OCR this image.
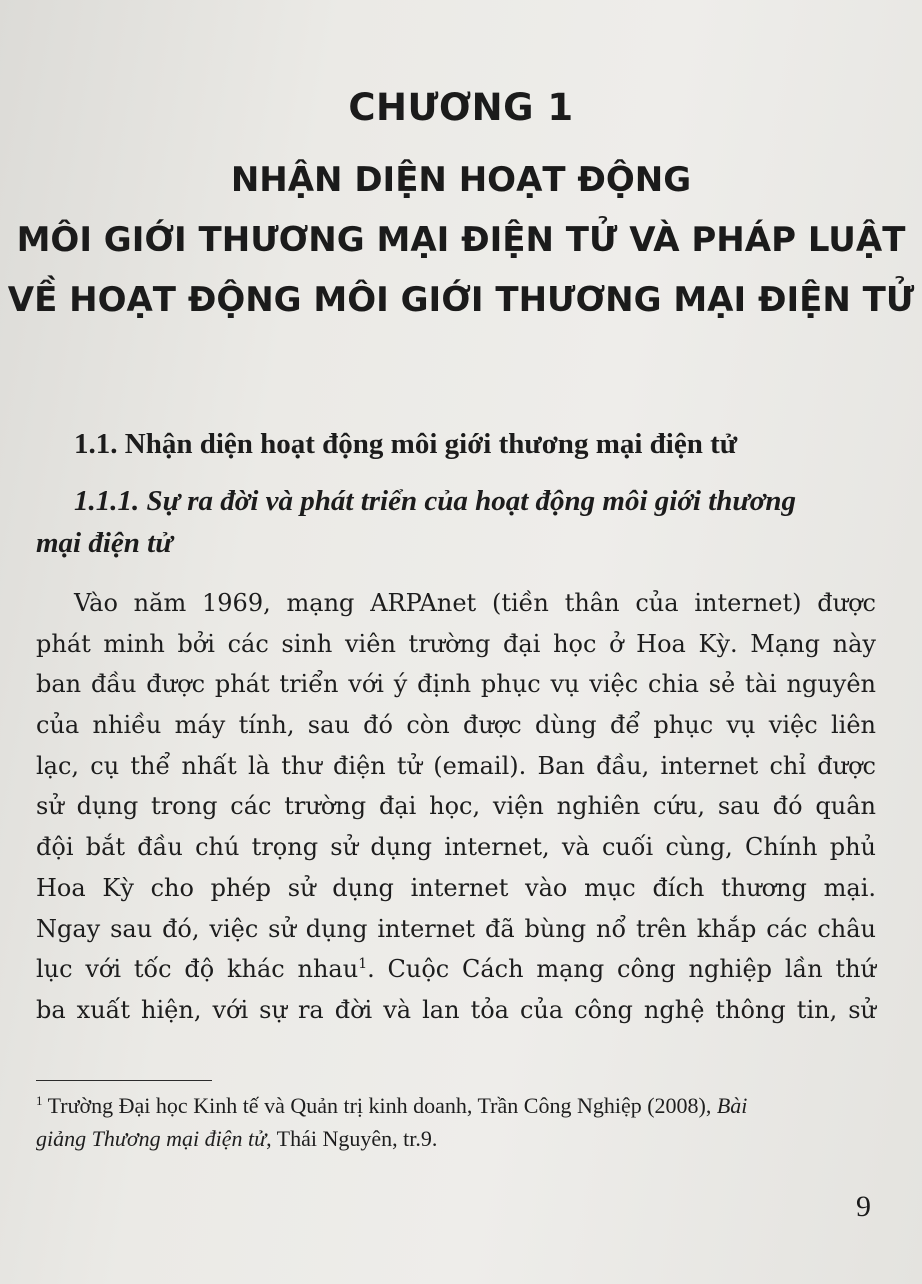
CHƯƠNG 1
NHẬN DIỆN HOẠT ĐỘNG
MÔI GIỚI THƯƠNG MẠI ĐIỆN TỬ VÀ PHÁP LUẬT
VỀ HOẠT ĐỘNG MÔI GIỚI THƯƠNG MẠI ĐIỆN TỬ
1.1. Nhận diện hoạt động môi giới thương mại điện tử
1.1.1. Sự ra đời và phát triển của hoạt động môi giới thương
mại điện tử
Vào năm 1969, mạng ARPAnet (tiền thân của internet) được
phát minh bởi các sinh viên trường đại học ở Hoa Kỳ. Mạng này
ban đầu được phát triển với ý định phục vụ việc chia sẻ tài nguyên
của nhiều máy tính, sau đó còn được dùng để phục vụ việc liên
lạc, cụ thể nhất là thư điện tử (email). Ban đầu, internet chỉ được
sử dụng trong các trường đại học, viện nghiên cứu, sau đó quân
đội bắt đầu chú trọng sử dụng internet, và cuối cùng, Chính phủ
Hoa Kỳ cho phép sử dụng internet vào mục đích thương mại.
Ngay sau đó, việc sử dụng internet đã bùng nổ trên khắp các châu
lục với tốc độ khác nhau$^1$. Cuộc Cách mạng công nghiệp lần thứ
ba xuất hiện, với sự ra đời và lan tỏa của công nghệ thông tin, sử
$^1$ Trường Đại học Kinh tế và Quản trị kinh doanh, Trần Công Nghiệp (2008), Bài
giảng Thương mại điện tử, Thái Nguyên, tr.9.
9
